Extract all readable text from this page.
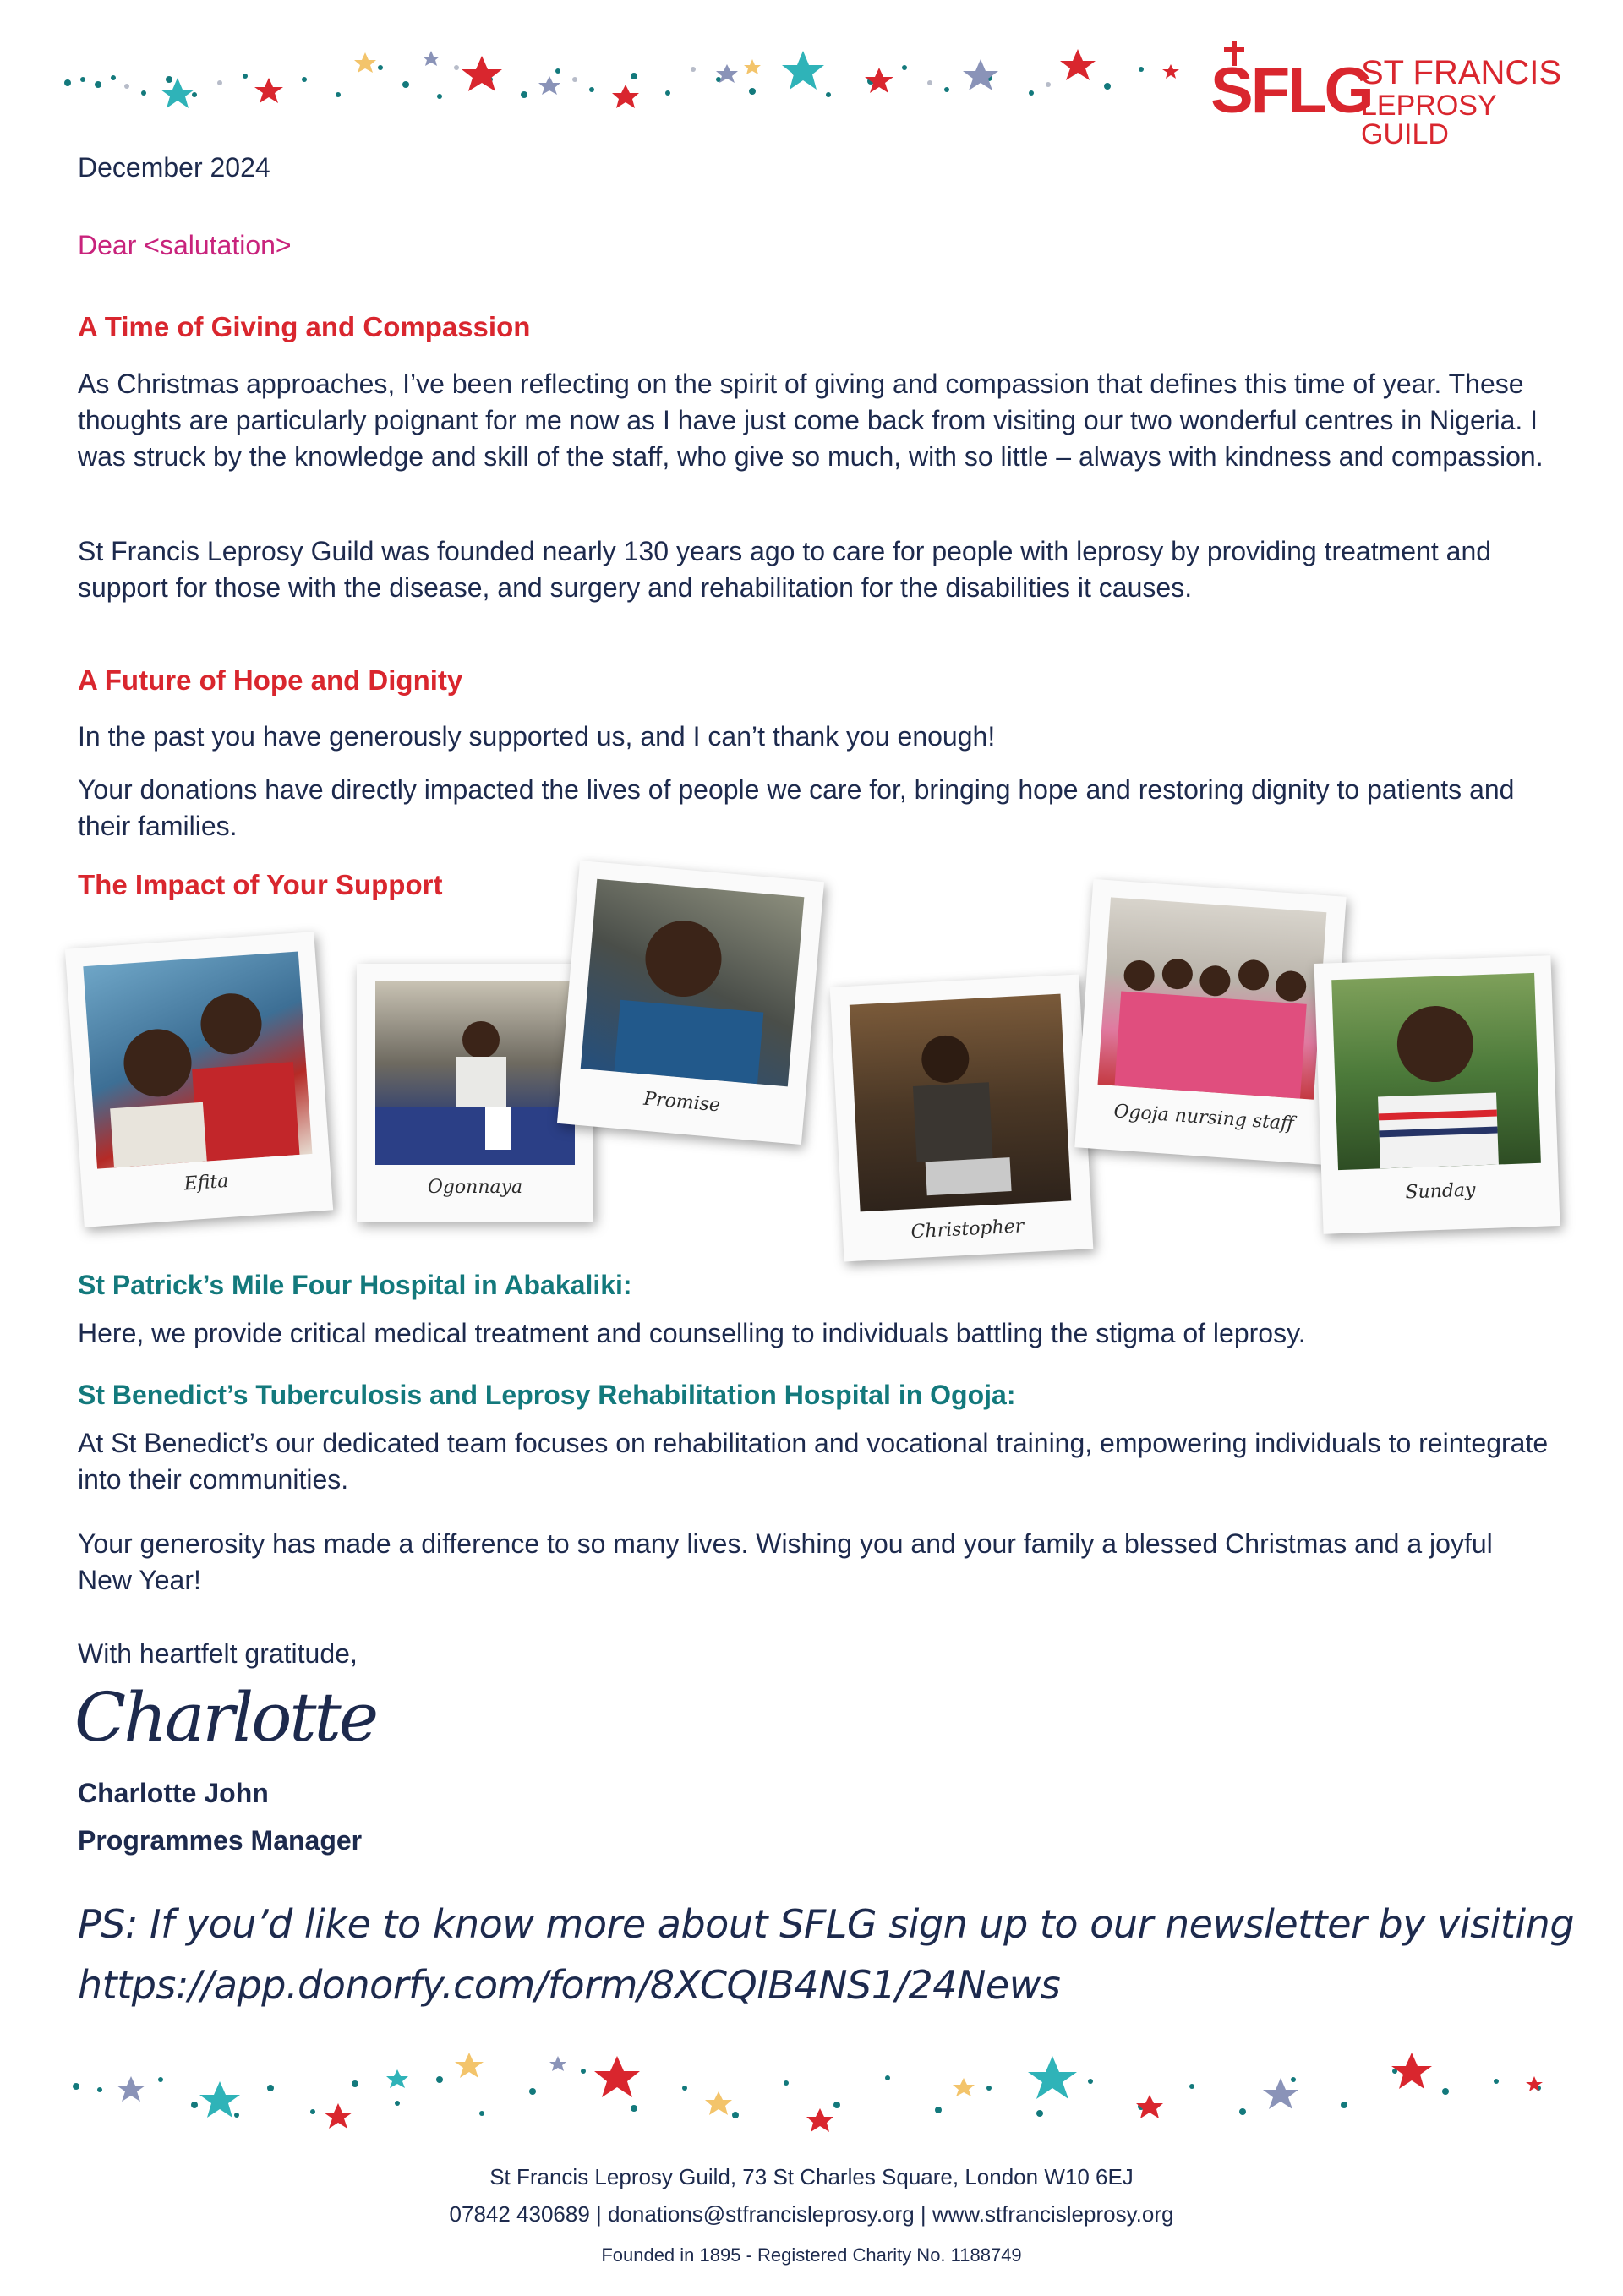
SFLG
ST FRANCIS
LEPROSY GUILD
December 2024
Dear <salutation>
A Time of Giving and Compassion

As Christmas approaches, I’ve been reflecting on the spirit of giving and compassion that defines this time of year. These thoughts are particularly poignant for me now as I have just come back from visiting our two wonderful centres in Nigeria. I was struck by the knowledge and skill of the staff, who give so much, with so little – always with kindness and compassion.

St Francis Leprosy Guild was founded nearly 130 years ago to care for people with leprosy by providing treatment and support for those with the disease, and surgery and rehabilitation for the disabilities it causes.

A Future of Hope and Dignity

In the past you have generously supported us, and I can’t thank you enough!

Your donations have directly impacted the lives of people we care for, bringing hope and restoring dignity to patients and their families.

The Impact of Your Support
Efita	Ogonnaya
Promise
Christopher
Ogoja nursing staff
Sunday
St Patrick’s Mile Four Hospital in Abakaliki:

Here, we provide critical medical treatment and counselling to individuals battling the stigma of leprosy.

St Benedict’s Tuberculosis and Leprosy Rehabilitation Hospital in Ogoja:

At St Benedict’s our dedicated team focuses on rehabilitation and vocational training, empowering individuals to reintegrate into their communities.

Your generosity has made a difference to so many lives. Wishing you and your family a blessed Christmas and a joyful New Year!

With heartfelt gratitude,
Charlotte
Charlotte John
Programmes Manager
PS: If you’d like to know more about SFLG sign up to our newsletter by visiting
https://app.donorfy.com/form/8XCQIB4NS1/24News
St Francis Leprosy Guild, 73 St Charles Square, London W10 6EJ
07842 430689 | donations@stfrancisleprosy.org | www.stfrancisleprosy.org
Founded in 1895 - Registered Charity No. 1188749
